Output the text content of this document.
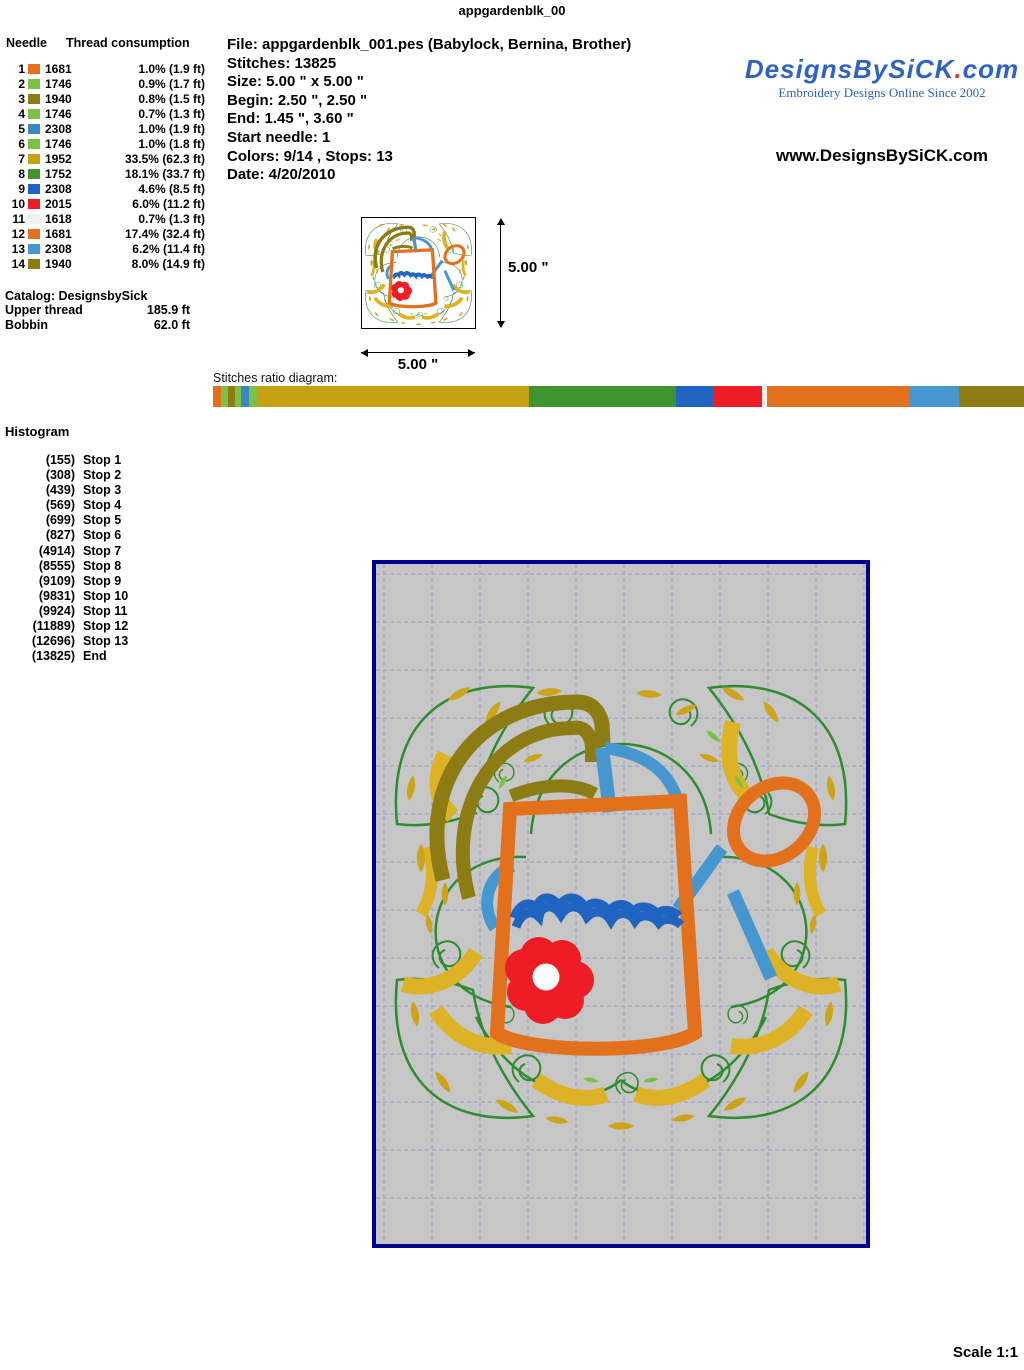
appgardenblk_00
Needle Thread consumption
1 1681	1.0% (1.9 ft)
2 1746	0.9% (1.7 ft)
3 1940	0.8% (1.5 ft)
4 1746	0.7% (1.3 ft)
5 2308	1.0% (1.9 ft)
6 1746	1.0% (1.8 ft)
7 1952	33.5% (62.3 ft)
8 1752	18.1% (33.7 ft)
9 2308	4.6% (8.5 ft)
10 2015	6.0% (11.2 ft)
11 1618	0.7% (1.3 ft)
12 1681	17.4% (32.4 ft)
13 2308	6.2% (11.4 ft)
14 1940	8.0% (14.9 ft)
Catalog: DesignsbySick
Upper thread	185.9 ft
Bobbin	62.0 ft
File: appgardenblk_001.pes (Babylock, Bernina, Brother)
Stitches: 13825
Size: 5.00 " x 5.00 "
Begin: 2.50 ", 2.50 "
End: 1.45 ", 3.60 "
Start needle: 1
Colors: 9/14 , Stops: 13
Date: 4/20/2010
DesignsBySiCK.com
Embroidery Designs Online Since 2002
www.DesignsBySiCK.com
5.00 "
5.00 "
Stitches ratio diagram:
Histogram
(155) Stop 1
(308) Stop 2
(439) Stop 3
(569) Stop 4
(699) Stop 5
(827) Stop 6
(4914) Stop 7
(8555) Stop 8
(9109) Stop 9
(9831) Stop 10
(9924) Stop 11
(11889) Stop 12
(12696) Stop 13
(13825) End
Scale 1:1
